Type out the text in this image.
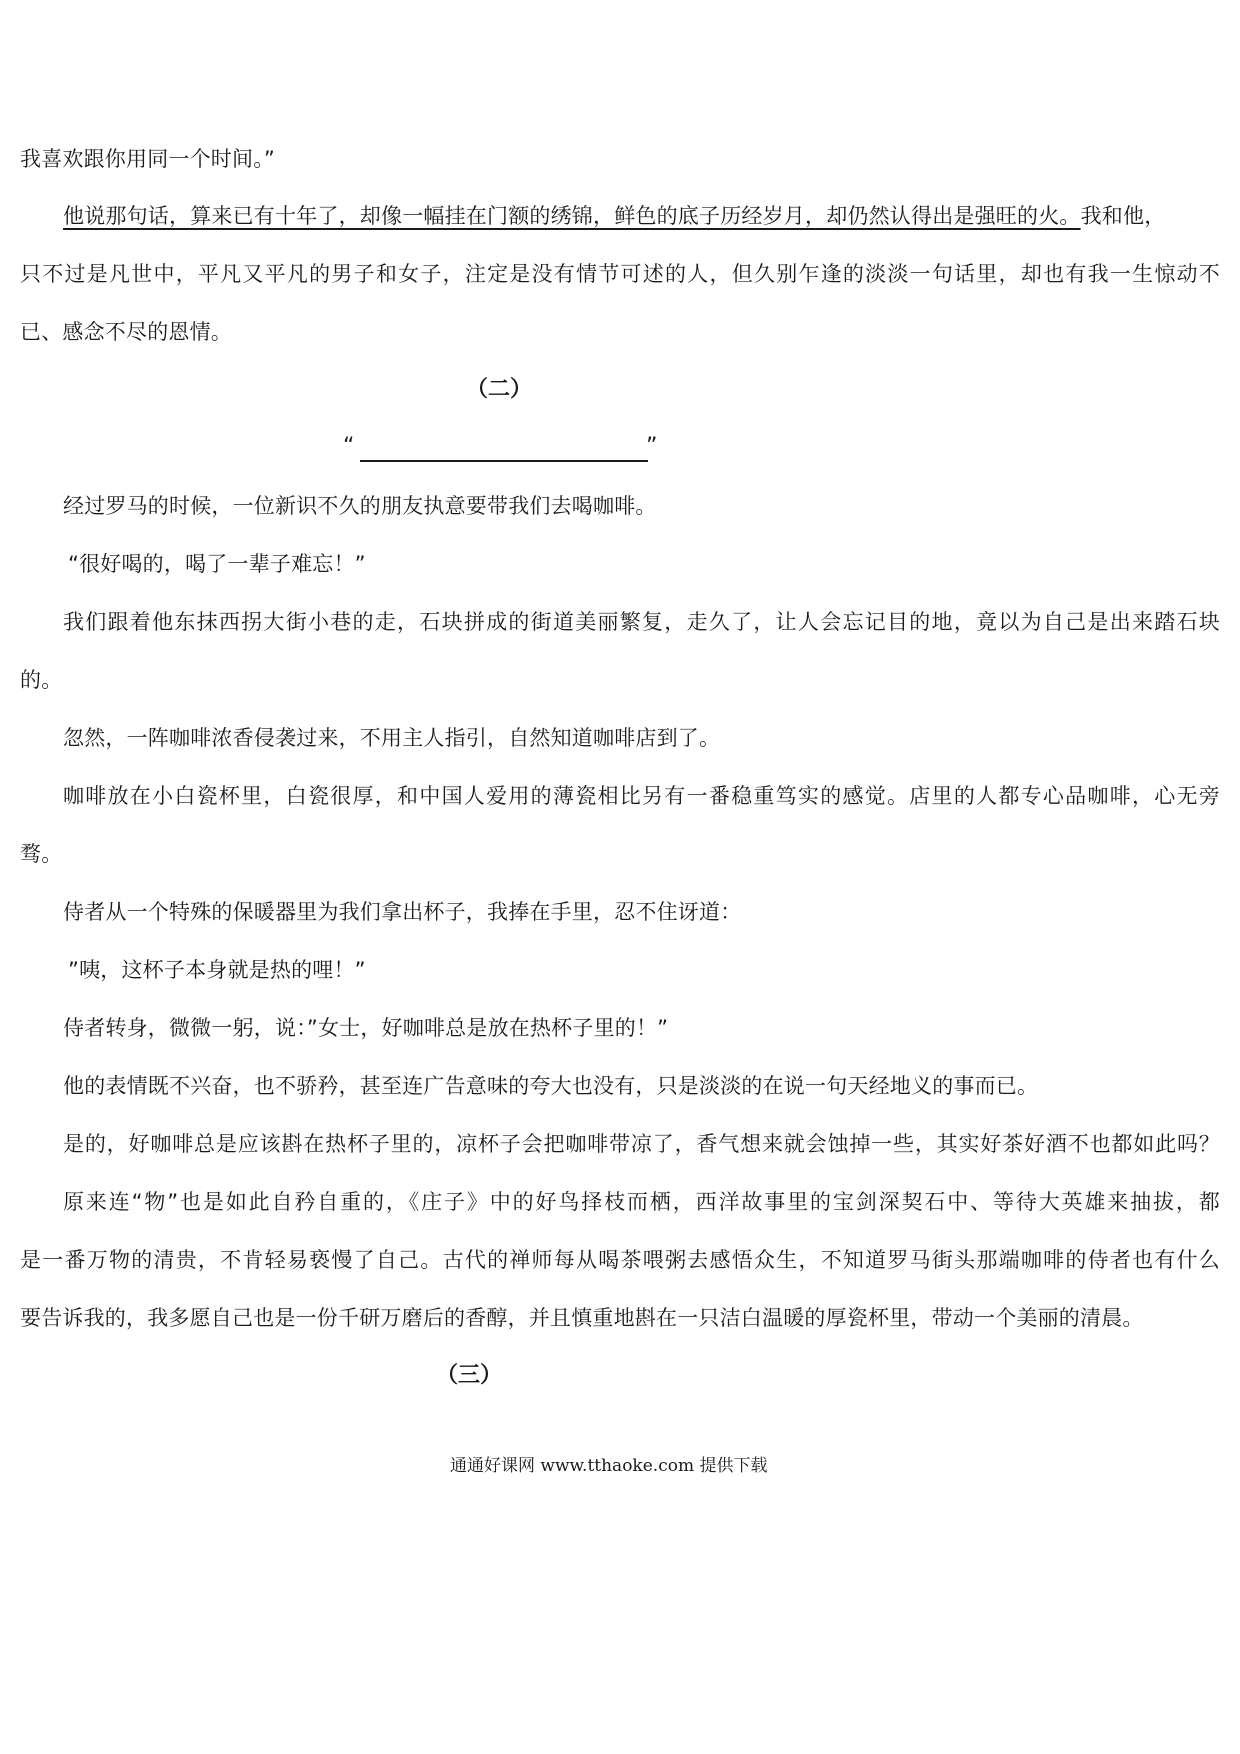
我喜欢跟你用同一个时间。”
他说那句话，算来已有十年了，却像一幅挂在门额的绣锦，鲜色的底子历经岁月，却仍然认得出是强旺的火。我和他，
只不过是凡世中，平凡又平凡的男子和女子，注定是没有情节可述的人，但久别乍逢的淡淡一句话里，却也有我一生惊动不
已、感念不尽的恩情。
（二）
“	”
经过罗马的时候，一位新识不久的朋友执意要带我们去喝咖啡。
“很好喝的，喝了一辈子难忘！”
我们跟着他东抹西拐大街小巷的走，石块拼成的街道美丽繁复，走久了，让人会忘记目的地，竟以为自己是出来踏石块
的。
忽然，一阵咖啡浓香侵袭过来，不用主人指引，自然知道咖啡店到了。
咖啡放在小白瓷杯里，白瓷很厚，和中国人爱用的薄瓷相比另有一番稳重笃实的感觉。店里的人都专心品咖啡，心无旁
骛。
侍者从一个特殊的保暖器里为我们拿出杯子，我捧在手里，忍不住讶道：
”咦，这杯子本身就是热的哩！”
侍者转身，微微一躬，说：”女士，好咖啡总是放在热杯子里的！”
他的表情既不兴奋，也不骄矜，甚至连广告意味的夸大也没有，只是淡淡的在说一句天经地义的事而已。
是的，好咖啡总是应该斟在热杯子里的，凉杯子会把咖啡带凉了，香气想来就会蚀掉一些，其实好茶好酒不也都如此吗？
原来连“物”也是如此自矜自重的，《庄子》中的好鸟择枝而栖，西洋故事里的宝剑深契石中、等待大英雄来抽拔，都
是一番万物的清贵，不肯轻易亵慢了自己。古代的禅师每从喝茶喂粥去感悟众生，不知道罗马街头那端咖啡的侍者也有什么
要告诉我的，我多愿自己也是一份千研万磨后的香醇，并且慎重地斟在一只洁白温暖的厚瓷杯里，带动一个美丽的清晨。
（三）
通通好课网 www.tthaoke.com 提供下载
